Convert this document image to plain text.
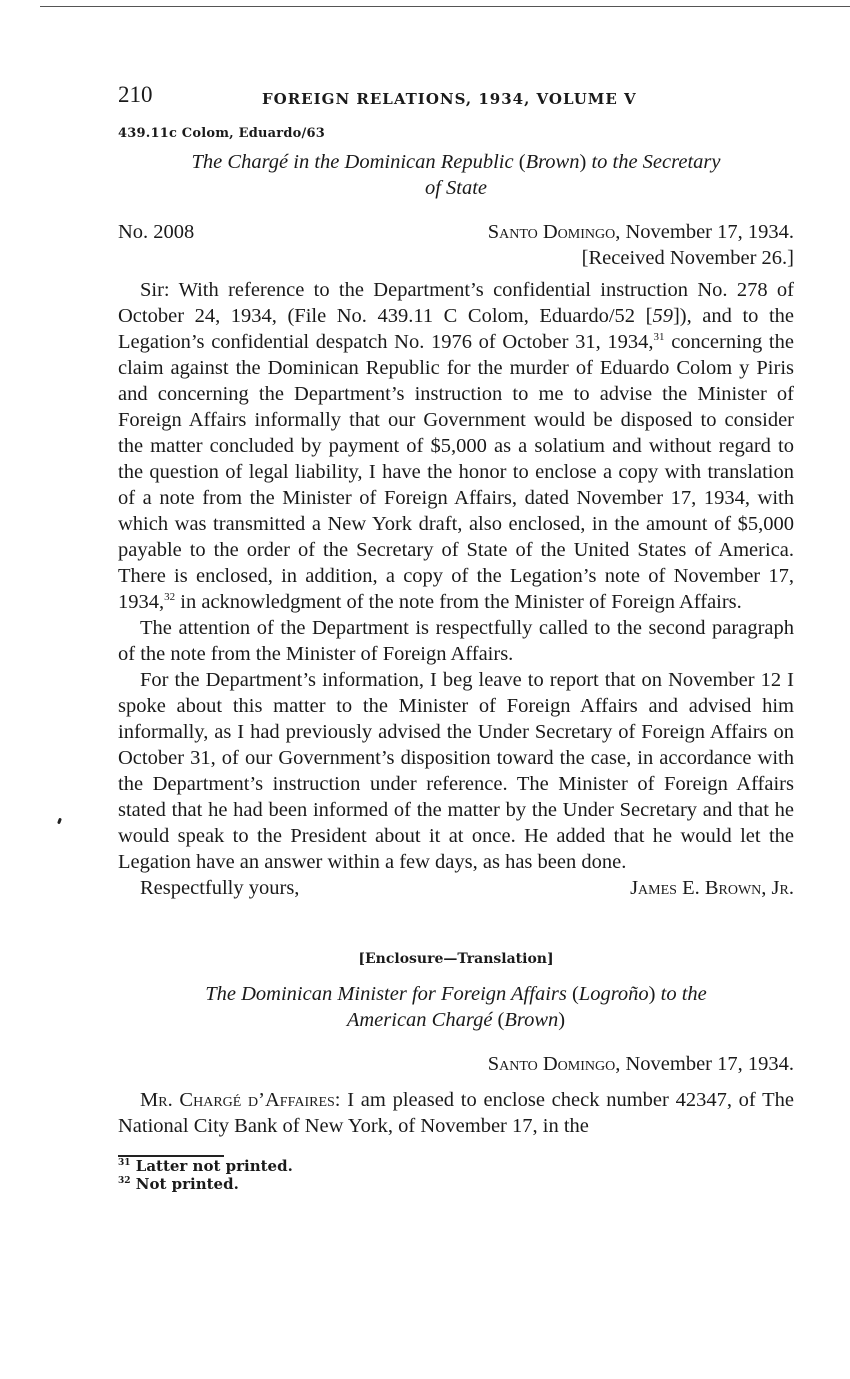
210	FOREIGN RELATIONS, 1934, VOLUME V
439.11c Colom, Eduardo/63
The Chargé in the Dominican Republic (Brown) to the Secretary
of State
No. 2008	Santo Domingo, November 17, 1934.
[Received November 26.]

Sir: With reference to the Department’s confidential instruction No. 278 of October 24, 1934, (File No. 439.11 C Colom, Eduardo/52 [59]), and to the Legation’s confidential despatch No. 1976 of October 31, 1934,31 concerning the claim against the Dominican Republic for the murder of Eduardo Colom y Piris and concerning the Department’s instruction to me to advise the Minister of Foreign Affairs informally that our Government would be disposed to consider the matter concluded by payment of $5,000 as a solatium and without regard to the question of legal liability, I have the honor to enclose a copy with translation of a note from the Minister of Foreign Affairs, dated November 17, 1934, with which was transmitted a New York draft, also enclosed, in the amount of $5,000 payable to the order of the Secretary of State of the United States of America. There is enclosed, in addition, a copy of the Legation’s note of November 17, 1934,32 in acknowledgment of the note from the Minister of Foreign Affairs.

The attention of the Department is respectfully called to the second paragraph of the note from the Minister of Foreign Affairs.

For the Department’s information, I beg leave to report that on November 12 I spoke about this matter to the Minister of Foreign Affairs and advised him informally, as I had previously advised the Under Secretary of Foreign Affairs on October 31, of our Government’s disposition toward the case, in accordance with the Department’s instruction under reference. The Minister of Foreign Affairs stated that he had been informed of the matter by the Under Secretary and that he would speak to the President about it at once. He added that he would let the Legation have an answer within a few days, as has been done.

Respectfully yours,	James E. Brown, Jr.
[Enclosure—Translation]
The Dominican Minister for Foreign Affairs (Logroño) to the
American Chargé (Brown)
Santo Domingo, November 17, 1934.

Mr. Chargé d’Affaires: I am pleased to enclose check number 42347, of The National City Bank of New York, of November 17, in the

$^{31}$ Latter not printed.
$^{32}$ Not printed.
